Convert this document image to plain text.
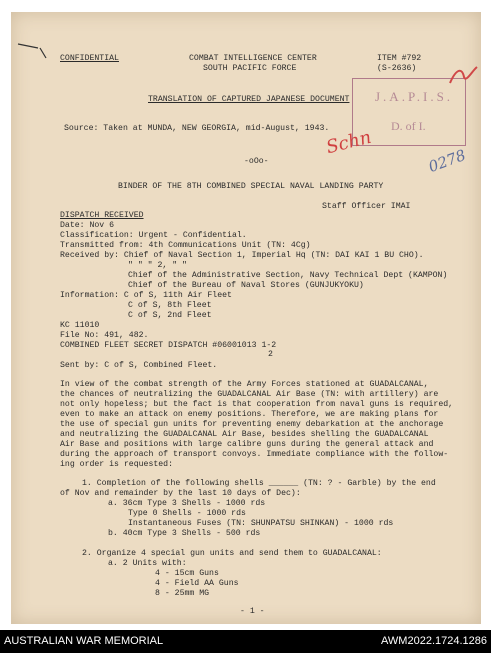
CONFIDENTIAL	COMBAT INTELLIGENCE CENTER
SOUTH PACIFIC FORCE
ITEM #792
(S-2636)
J.A.P.I.S.
D. of I.
Schn
0278
TRANSLATION OF CAPTURED JAPANESE DOCUMENT
Source: Taken at MUNDA, NEW GEORGIA, mid-August, 1943.
-oOo-
BINDER OF THE 8TH COMBINED SPECIAL NAVAL LANDING PARTY
Staff Officer IMAI
DISPATCH RECEIVED
Date: Nov 6
Classification: Urgent - Confidential.
Transmitted from: 4th Communications Unit (TN: 4Cg)
Received by: Chief of Naval Section 1, Imperial Hq (TN: DAI KAI 1 BU CHO).
" " " 2, " "
Chief of the Administrative Section, Navy Technical Dept (KAMPON)
Chief of the Bureau of Naval Stores (GUNJUKYOKU)
Information: C of S, 11th Air Fleet
C of S, 8th Fleet
C of S, 2nd Fleet
KC 11010
File No: 491, 482.
COMBINED FLEET SECRET DISPATCH #06001013 1-2
2
Sent by: C of S, Combined Fleet.
In view of the combat strength of the Army Forces stationed at GUADALCANAL,
the chances of neutralizing the GUADALCANAL Air Base (TN: with artillery) are
not only hopeless; but the fact is that cooperation from naval guns is required,
even to make an attack on enemy positions. Therefore, we are making plans for
the use of special gun units for preventing enemy debarkation at the anchorage
and neutralizing the GUADALCANAL Air Base, besides shelling the GUADALCANAL
Air Base and positions with large calibre guns during the general attack and
during the approach of transport convoys. Immediate compliance with the follow-
ing order is requested:
1. Completion of the following shells ______ (TN: ? - Garble) by the end
of Nov and remainder by the last 10 days of Dec):
a. 36cm Type 3 Shells - 1000 rds
Type 0 Shells - 1000 rds
Instantaneous Fuses (TN: SHUNPATSU SHINKAN) - 1000 rds
b. 40cm Type 3 Shells - 500 rds
2. Organize 4 special gun units and send them to GUADALCANAL:
a. 2 Units with:
4 - 15cm Guns
4 - Field AA Guns
8 - 25mm MG
- 1 -
AUSTRALIAN WAR MEMORIAL	AWM2022.1724.1286
